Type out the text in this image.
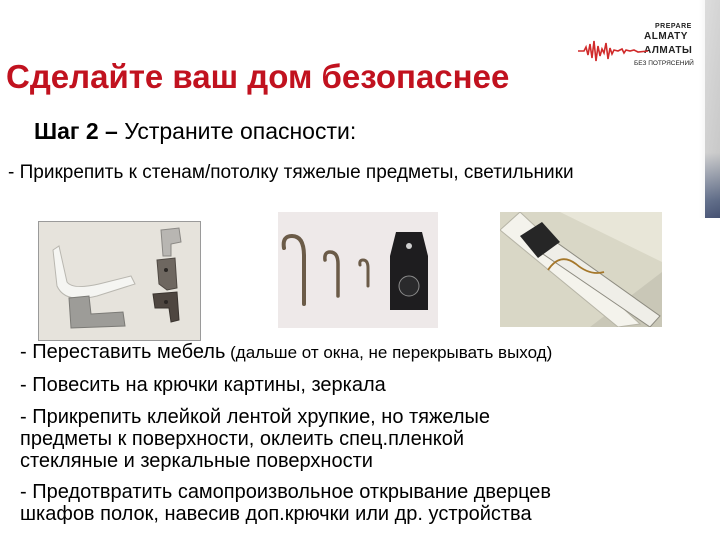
PREPARE
ALMATY
АЛМАТЫ
БЕЗ ПОТРЯСЕНИЙ
Сделайте ваш дом безопаснее
Шаг 2 – Устраните опасности:
- Прикрепить к стенам/потолку тяжелые предметы, светильники

- Переставить мебель (дальше от окна, не перекрывать выход)

- Повесить на крючки картины, зеркала

- Прикрепить клейкой лентой хрупкие, но тяжелые
предметы к поверхности, оклеить спец.пленкой
стекляные и зеркальные поверхности

- Предотвратить самопроизвольное открывание дверцев
шкафов полок, навесив доп.крючки или др. устройства
